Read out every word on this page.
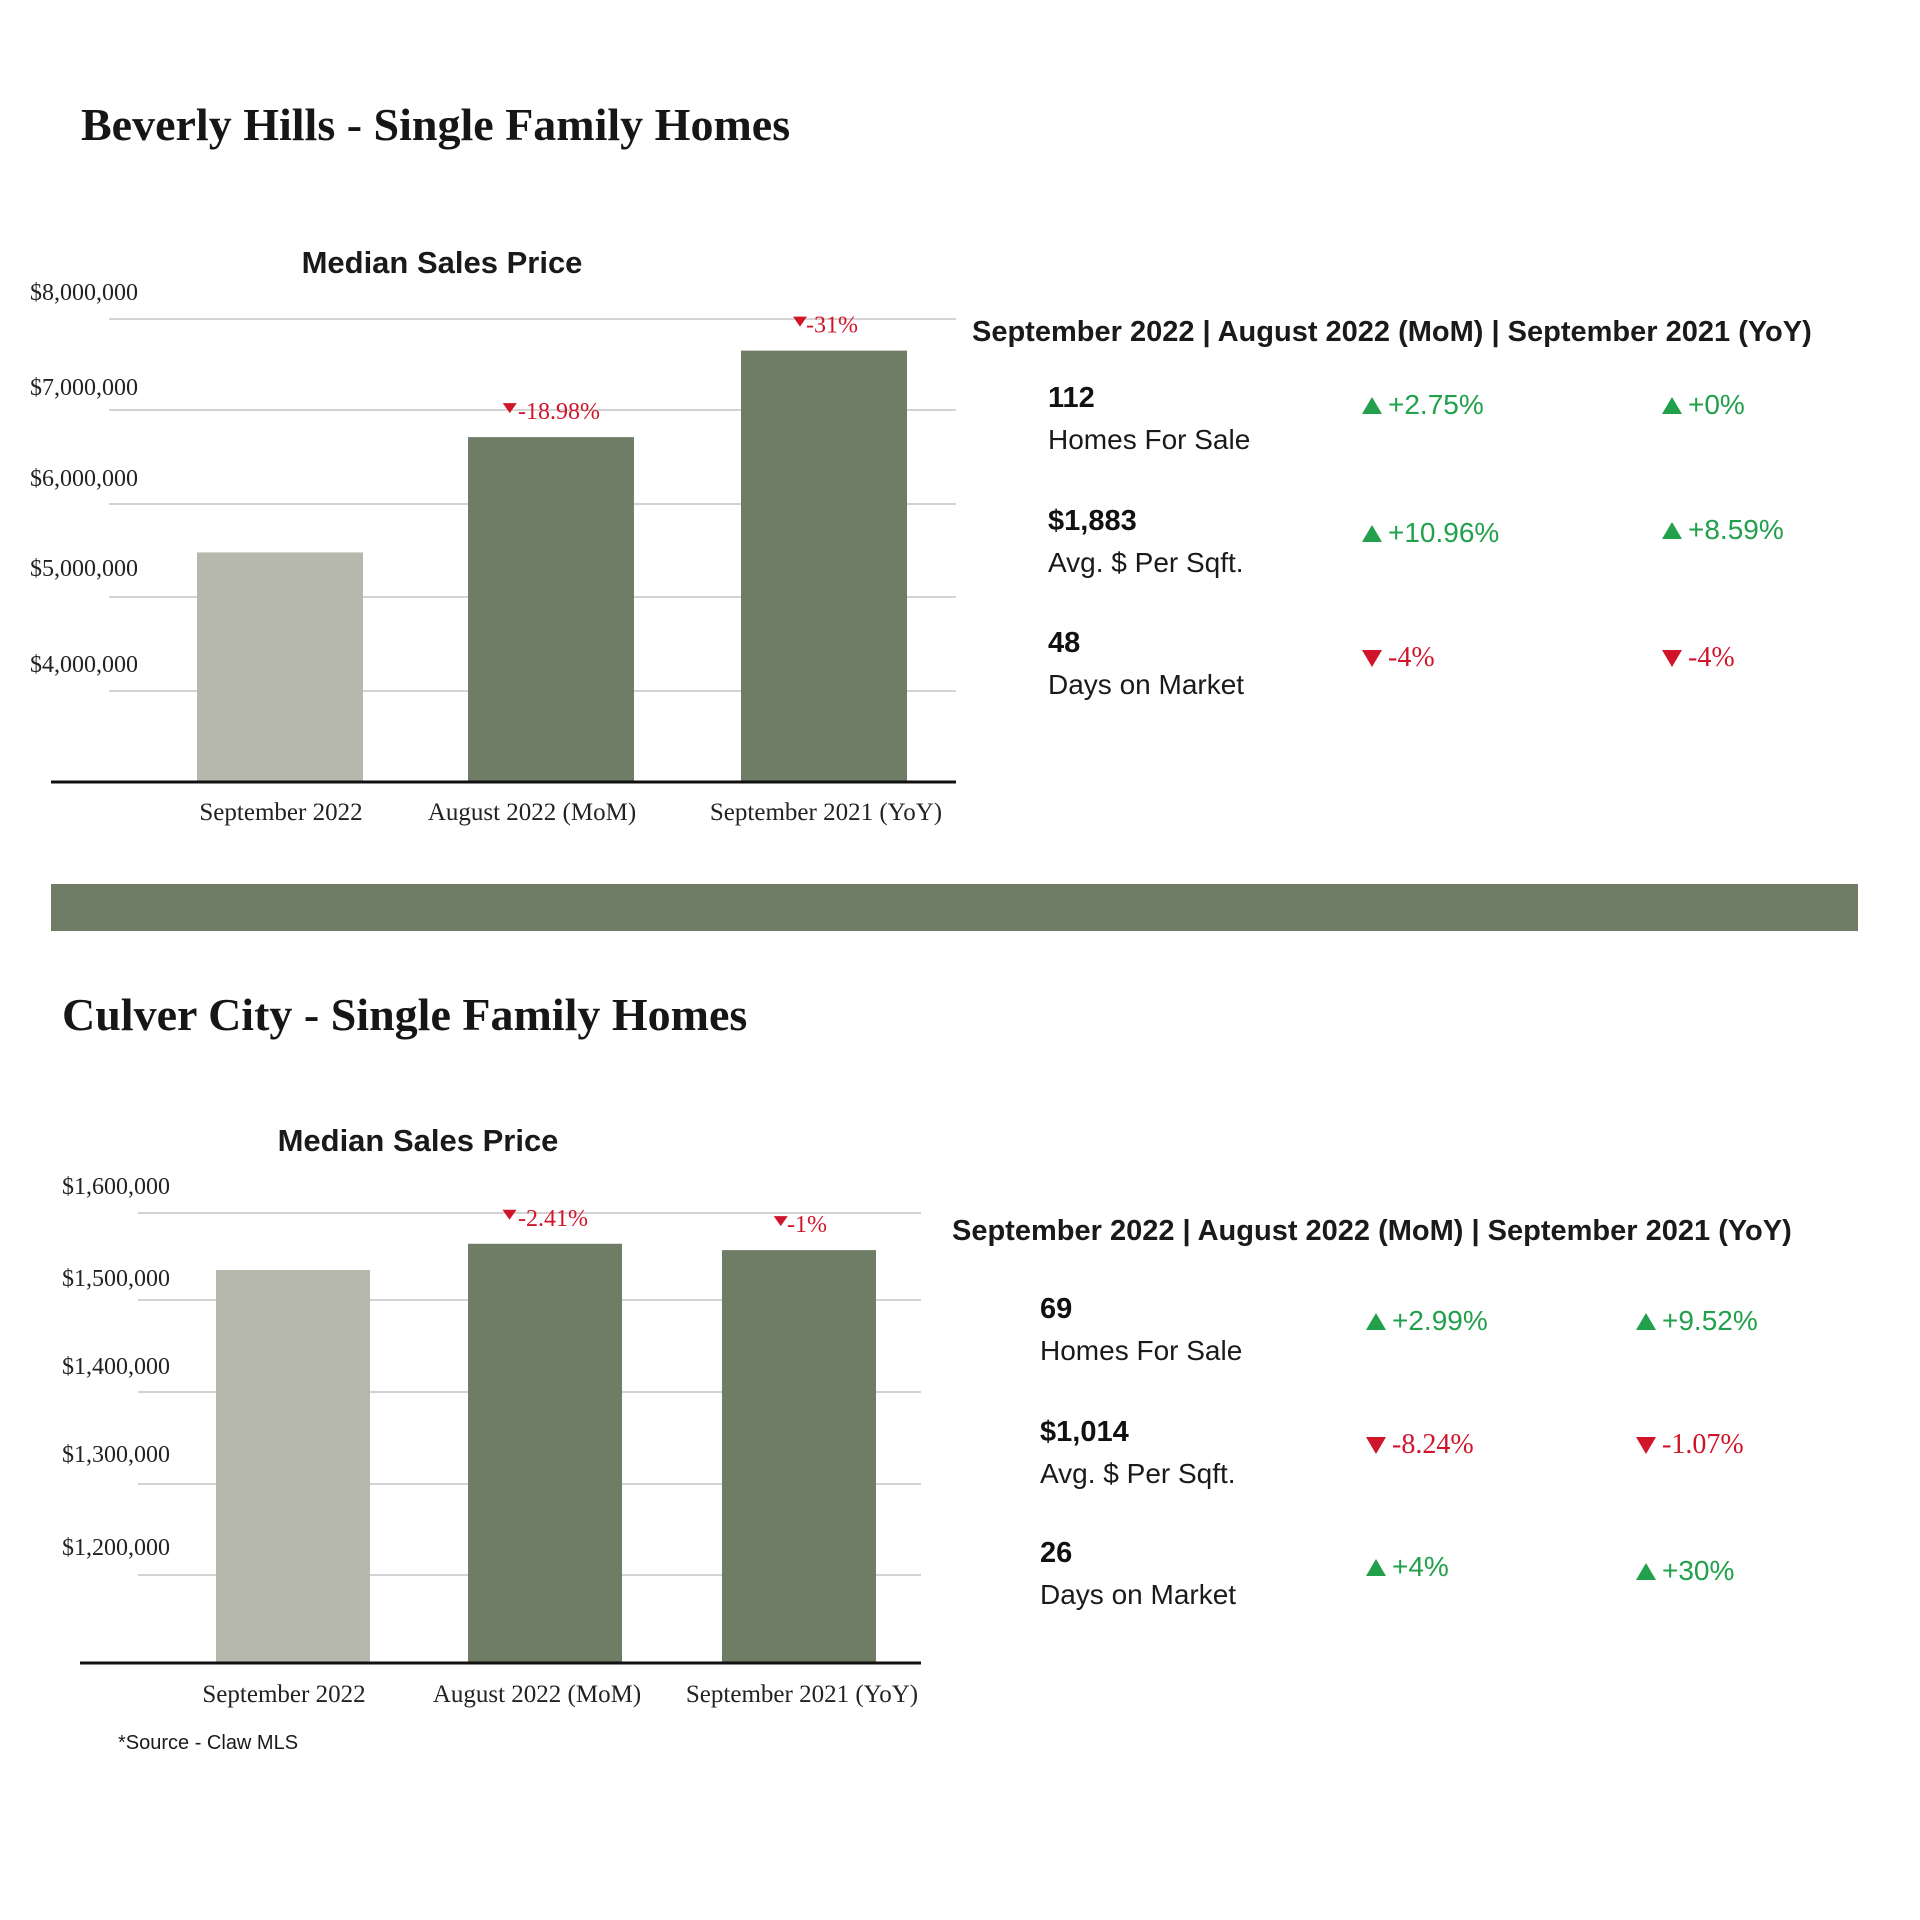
Beverly Hills - Single Family Homes
Median Sales Price
$8,000,000
$7,000,000
$6,000,000
$5,000,000
$4,000,000
-18.98%
-31%
September 2022	August 2022 (MoM)	September 2021 (YoY)
September 2022 | August 2022 (MoM) | September 2021 (YoY)
112
Homes For Sale
+2.75%	+0%
$1,883
Avg. $ Per Sqft.
+10.96%	+8.59%
48
Days on Market
-4%	-4%
Culver City - Single Family Homes
Median Sales Price
$1,600,000
$1,500,000
$1,400,000
$1,300,000
$1,200,000
-2.41%	-1%
September 2022	August 2022 (MoM) September 2021 (YoY)
September 2022 | August 2022 (MoM) | September 2021 (YoY)
69
Homes For Sale
+2.99%	+9.52%
$1,014
Avg. $ Per Sqft.
-8.24%	-1.07%
26
Days on Market
+4%	+30%
*Source - Claw MLS
